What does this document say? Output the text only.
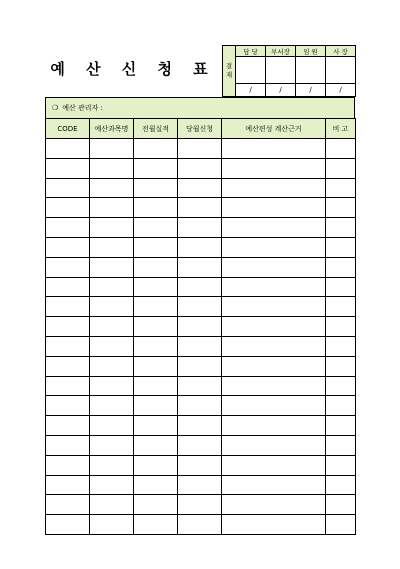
예 산 신 청 표	결
재	담 당	부서장	임 원	사 장

	/	/	/	/
❍ 예산 관리자 :
CODE	예산과목명	전월실적	당월신청	예산편성 계산근거	비 고
